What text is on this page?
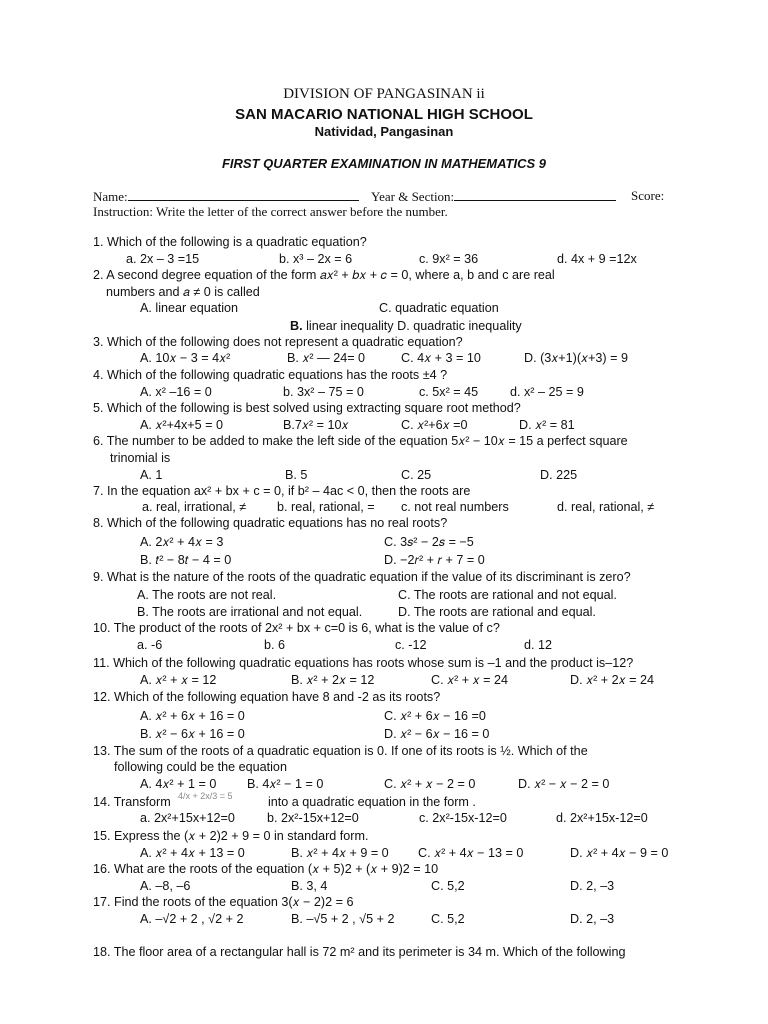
DIVISION OF PANGASINAN ii
SAN MACARIO NATIONAL HIGH SCHOOL
Natividad, Pangasinan
FIRST QUARTER EXAMINATION IN MATHEMATICS 9
Name:	Year & Section:	Score:
Instruction: Write the letter of the correct answer before the number.
1. Which of the following is a quadratic equation?
a. 2x – 3 =15	b. x³ – 2x = 6	c. 9x² = 36	d. 4x + 9 =12x
2. A second degree equation of the form 𝑎𝑥² + 𝑏𝑥 + 𝑐 = 0, where a, b and c are real
numbers and 𝑎 ≠ 0 is called
A. linear equation	C. quadratic equation
B. linear inequality D. quadratic inequality
3. Which of the following does not represent a quadratic equation?
A. 10𝑥 − 3 = 4𝑥²	B. 𝑥² — 24= 0	C. 4𝑥 + 3 = 10	D. (3𝑥+1)(𝑥+3) = 9
4. Which of the following quadratic equations has the roots ±4 ?
A. x² –16 = 0	b. 3x² – 75 = 0	c. 5x² = 45	d. x² – 25 = 9
5. Which of the following is best solved using extracting square root method?
A. 𝑥²+4x+5 = 0	B.7𝑥² = 10𝑥	C. 𝑥²+6𝑥 =0	D. 𝑥² = 81
6. The number to be added to make the left side of the equation 5𝑥² − 10𝑥 = 15 a perfect square
trinomial is
A. 1	B. 5	C. 25	D. 225
7. In the equation ax² + bx + c = 0, if b² – 4ac < 0, then the roots are
a. real, irrational, ≠ b. real, rational, = c. not real numbers	d. real, rational, ≠
8. Which of the following quadratic equations has no real roots?
A. 2𝑥² + 4𝑥 = 3	C. 3𝑠² − 2𝑠 = −5
B. 𝑡² − 8𝑡 − 4 = 0	D. −2𝑟² + 𝑟 + 7 = 0
9. What is the nature of the roots of the quadratic equation if the value of its discriminant is zero?
A. The roots are not real.	C. The roots are rational and not equal.
B. The roots are irrational and not equal.	D. The roots are rational and equal.
10. The product of the roots of 2x² + bx + c=0 is 6, what is the value of c?
a. -6	b. 6	c. -12	d. 12
11. Which of the following quadratic equations has roots whose sum is –1 and the product is–12?
A. 𝑥² + 𝑥 = 12	B. 𝑥² + 2𝑥 = 12	C. 𝑥² + 𝑥 = 24	D. 𝑥² + 2𝑥 = 24
12. Which of the following equation have 8 and -2 as its roots?
A. 𝑥² + 6𝑥 + 16 = 0	C. 𝑥² + 6𝑥 − 16 =0
B. 𝑥² − 6𝑥 + 16 = 0	D. 𝑥² − 6𝑥 − 16 = 0
13. The sum of the roots of a quadratic equation is 0. If one of its roots is ½. Which of the
following could be the equation
A. 4𝑥² + 1 = 0 B. 4𝑥² − 1 = 0	C. 𝑥² + 𝑥 − 2 = 0	D. 𝑥² − 𝑥 − 2 = 0
14. Transform 4/x + 2x/3 = 5	into a quadratic equation in the form .
a. 2x²+15x+12=0	b. 2x²-15x+12=0	c. 2x²-15x-12=0	d. 2x²+15x-12=0
15. Express the (𝑥 + 2)2 + 9 = 0 in standard form.
A. 𝑥² + 4𝑥 + 13 = 0	B. 𝑥² + 4𝑥 + 9 = 0 C. 𝑥² + 4𝑥 − 13 = 0	D. 𝑥² + 4𝑥 − 9 = 0
16. What are the roots of the equation (𝑥 + 5)2 + (𝑥 + 9)2 = 10
A. –8, –6	B. 3, 4	C. 5,2	D. 2, –3
17. Find the roots of the equation 3(𝑥 − 2)2 = 6
A. –√2 + 2 , √2 + 2	B. –√5 + 2 , √5 + 2	C. 5,2	D. 2, –3
18. The floor area of a rectangular hall is 72 m² and its perimeter is 34 m. Which of the following
